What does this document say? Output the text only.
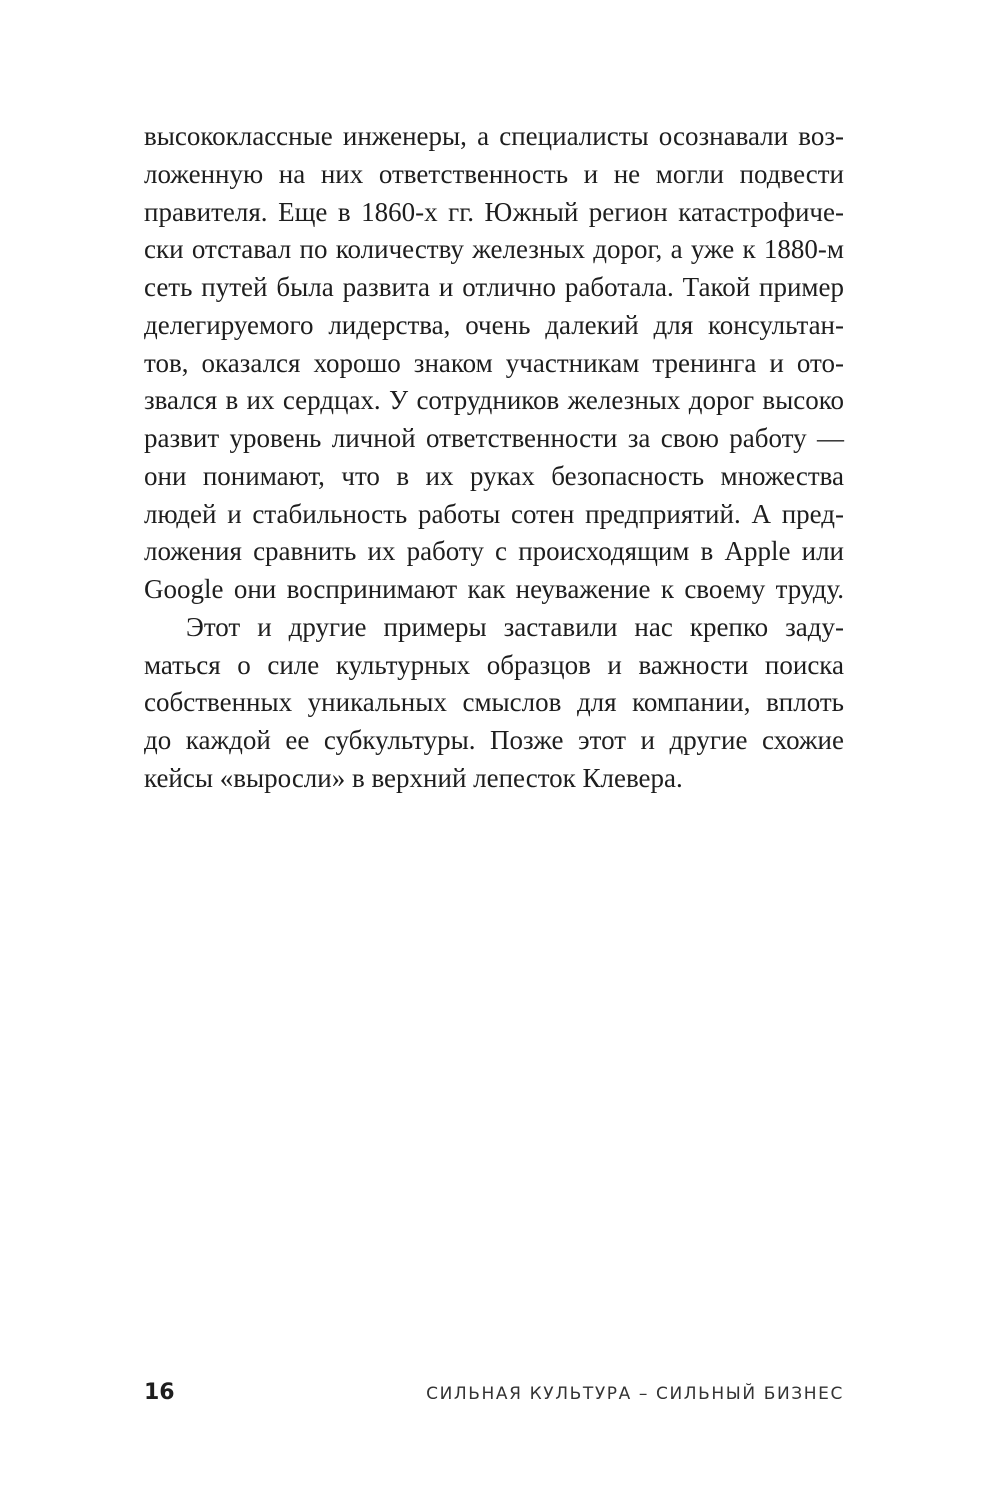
высококлассные инженеры, а специалисты осознавали воз-
ложенную на них ответственность и не могли подвести
правителя. Еще в 1860-х гг. Южный регион катастрофиче-
ски отставал по количеству железных дорог, а уже к 1880-м
сеть путей была развита и отлично работала. Такой пример
делегируемого лидерства, очень далекий для консультан-
тов, оказался хорошо знаком участникам тренинга и ото-
звался в их сердцах. У сотрудников железных дорог высоко
развит уровень личной ответственности за свою работу —
они понимают, что в их руках безопасность множества
людей и стабильность работы сотен предприятий. А пред-
ложения сравнить их работу с происходящим в Apple или
Google они воспринимают как неуважение к своему труду.
Этот и другие примеры заставили нас крепко заду-
маться о силе культурных образцов и важности поиска
собственных уникальных смыслов для компании, вплоть
до каждой ее субкультуры. Позже этот и другие схожие
кейсы «выросли» в верхний лепесток Клевера.
16	СИЛЬНАЯ КУЛЬТУРА – СИЛЬНЫЙ БИЗНЕС
